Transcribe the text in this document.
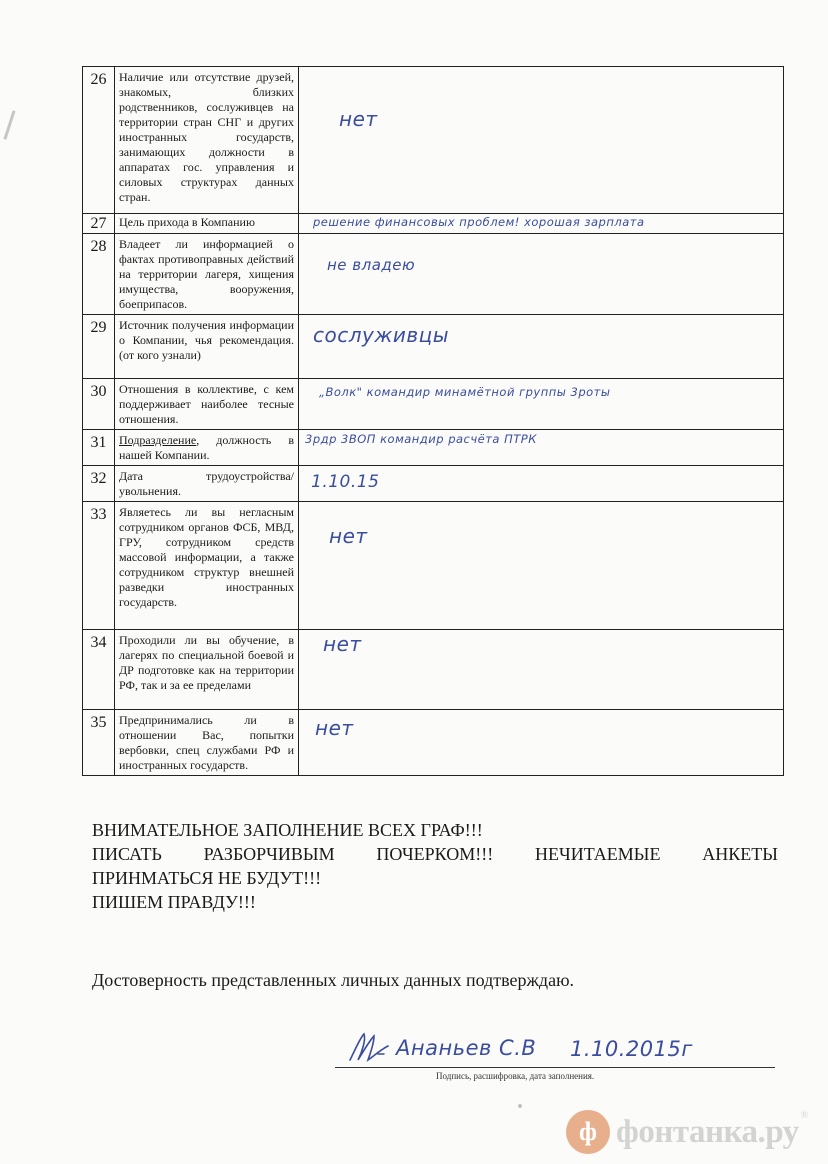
26	Наличие или отсутствие друзей, знакомых, близких родственников, сослуживцев на территории стран СНГ и других иностранных государств, занимающих должности в аппаратах гос. управления и силовых структурах данных стран.	нет

27	Цель прихода в Компанию	решение финансовых проблем! хорошая зарплата

28	Владеет ли информацией о фактах противоправных действий на территории лагеря, хищения имущества, вооружения, боеприпасов.	не владею

29	Источник получения информации о Компании, чья рекомендация. (от кого узнали)	сослуживцы

30	Отношения в коллективе, с кем поддерживает наиболее тесные отношения.	„Волк" командир минамётной группы 3роты

31	Подразделение, должность в нашей Компании.	3рдр 3ВОП командир расчёта ПТРК

32	Дата трудоустройства/увольнения.	1.10.15

33	Являетесь ли вы негласным сотрудником органов ФСБ, МВД, ГРУ, сотрудником средств массовой информации, а также сотрудником структур внешней разведки иностранных государств.	нет

34	Проходили ли вы обучение, в лагерях по специальной боевой и ДР подготовке как на территории РФ, так и за ее пределами	нет

35	Предпринимались ли в отношении Вас, попытки вербовки, спец службами РФ и иностранных государств.	нет
ВНИМАТЕЛЬНОЕ ЗАПОЛНЕНИЕ ВСЕХ ГРАФ!!!
ПИСАТЬ РАЗБОРЧИВЫМ ПОЧЕРКОМ!!! НЕЧИТАЕМЫЕ АНКЕТЫ
ПРИНМАТЬСЯ НЕ БУДУТ!!!
ПИШЕМ ПРАВДУ!!!
Достоверность представленных личных данных подтверждаю.
Ананьев С.В 1.10.2015г
Подпись, расшифровка, дата заполнения.
ф фонтанка.ру ®
